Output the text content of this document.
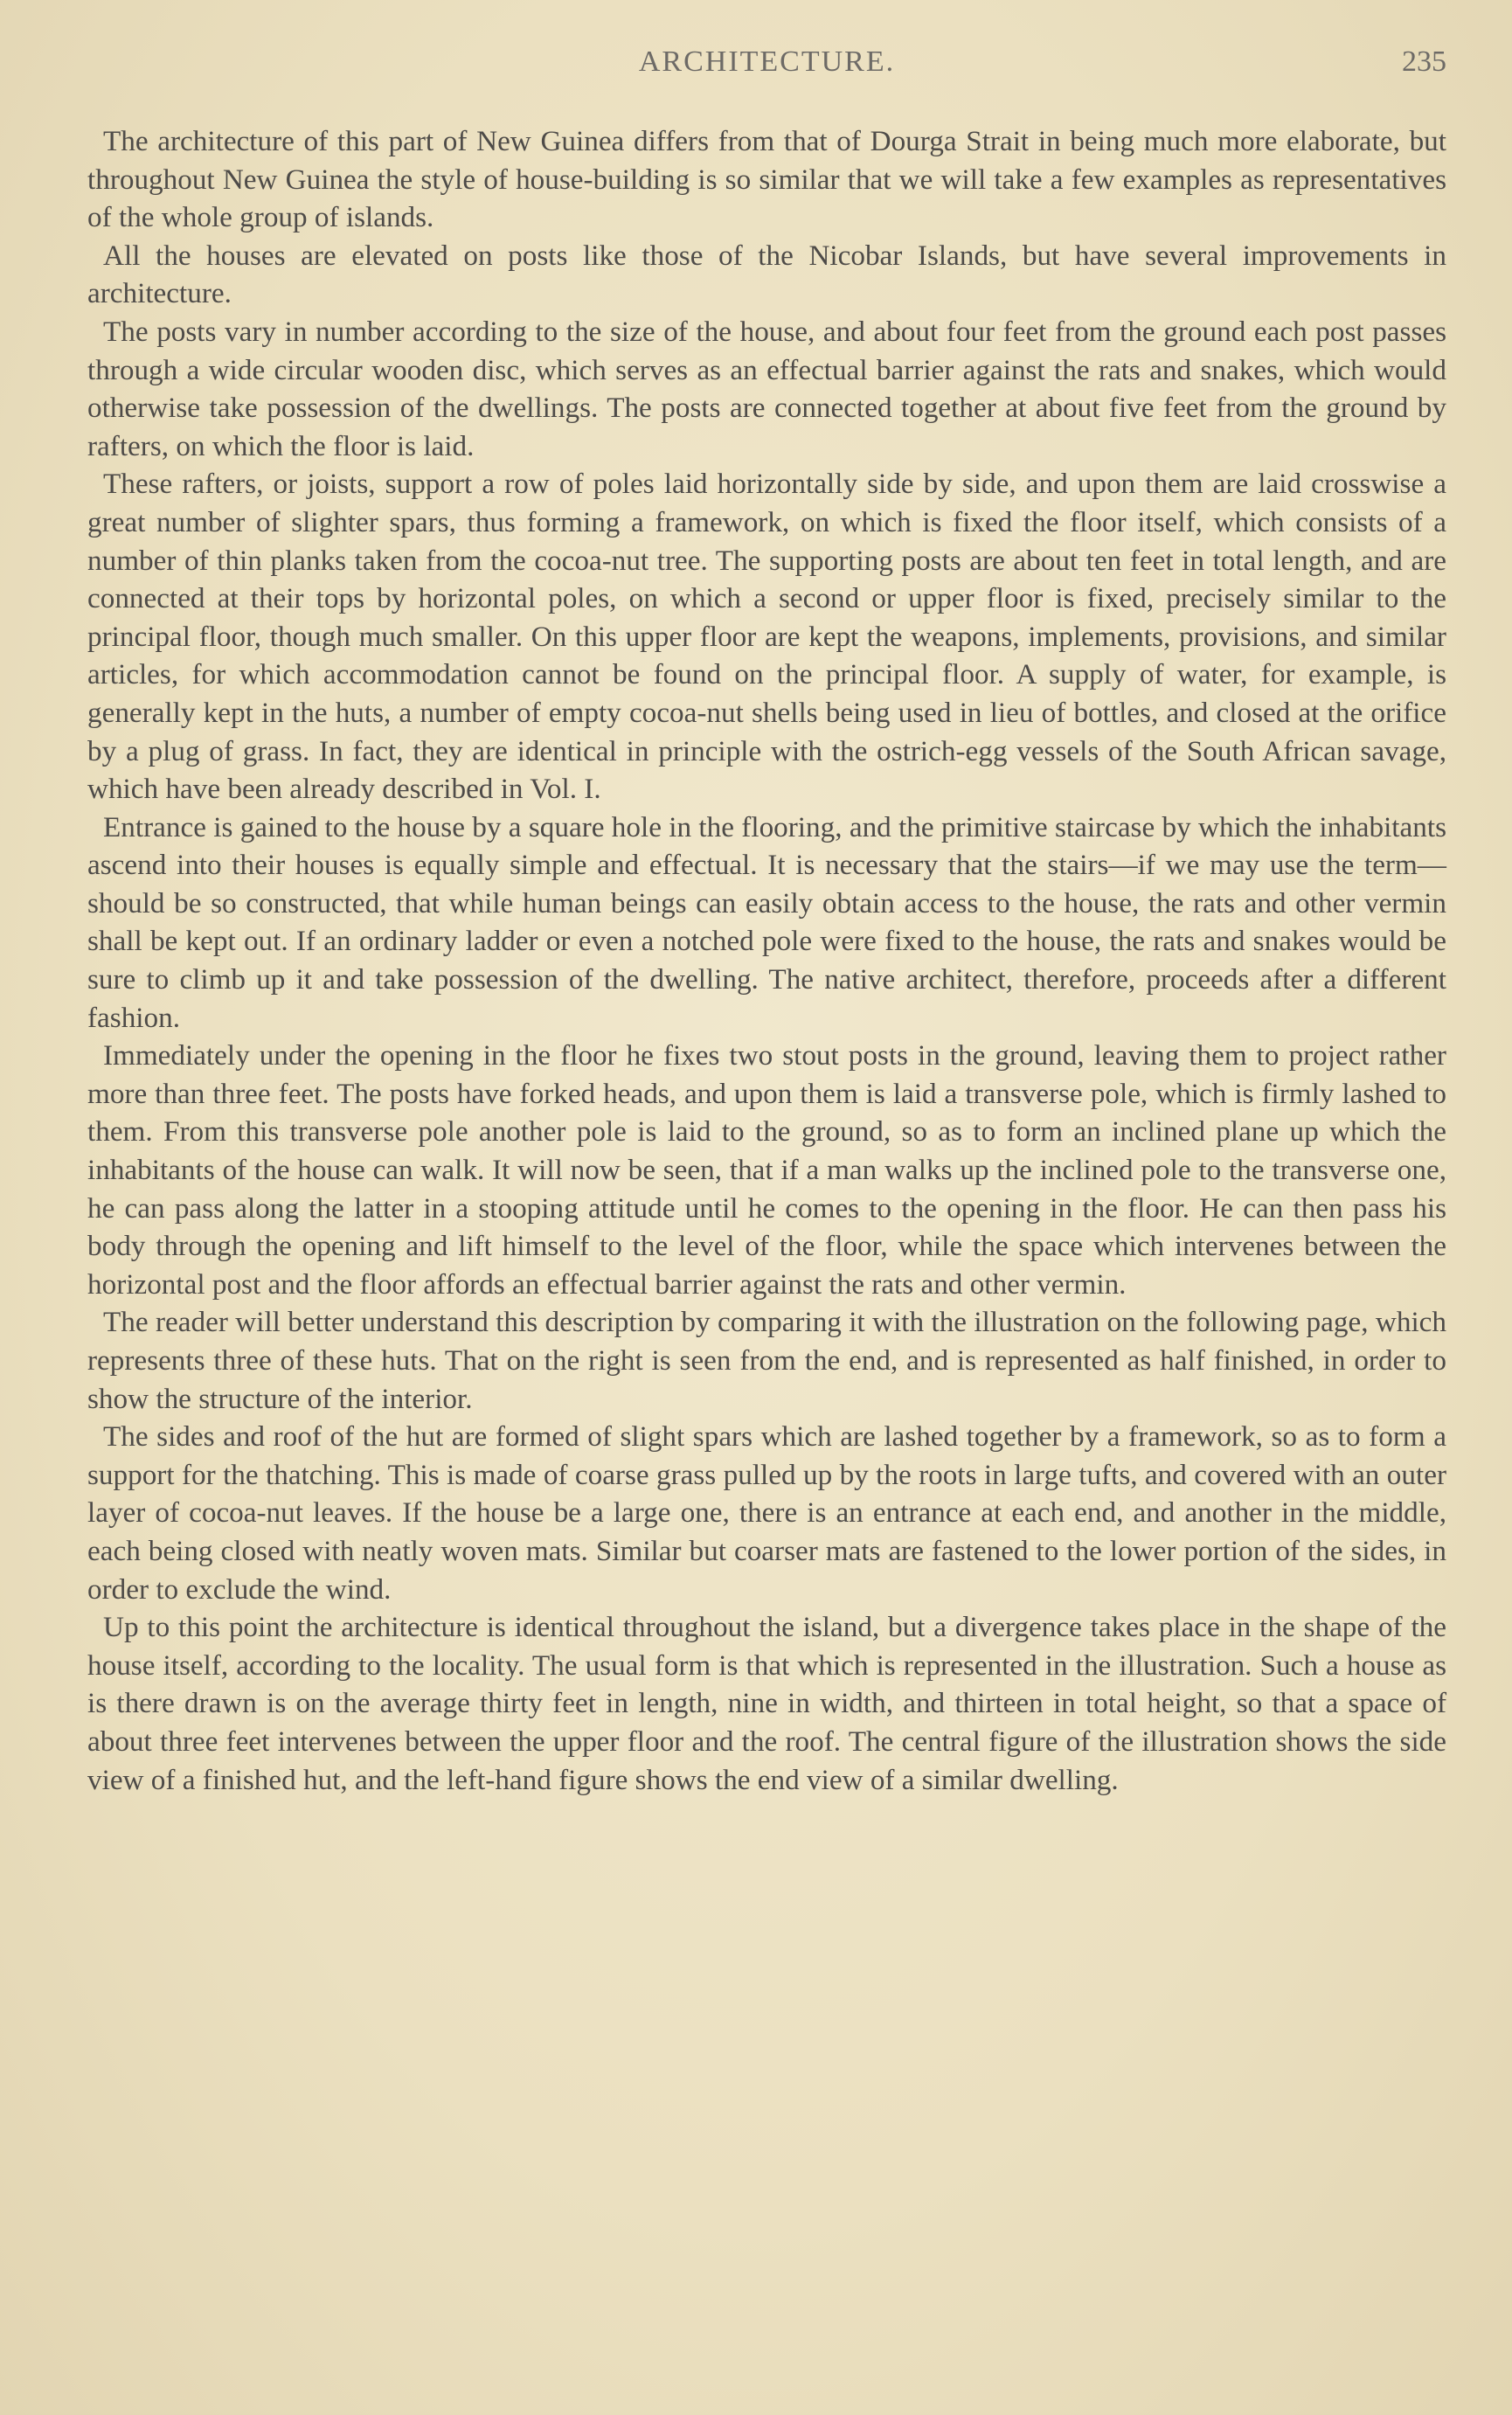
ARCHITECTURE.	235

The architecture of this part of New Guinea differs from that of Dourga Strait in being much more elaborate, but throughout New Guinea the style of house-building is so similar that we will take a few examples as representatives of the whole group of islands.

All the houses are elevated on posts like those of the Nicobar Islands, but have several improvements in architecture.

The posts vary in number according to the size of the house, and about four feet from the ground each post passes through a wide circular wooden disc, which serves as an effectual barrier against the rats and snakes, which would otherwise take possession of the dwellings. The posts are connected together at about five feet from the ground by rafters, on which the floor is laid.

These rafters, or joists, support a row of poles laid horizontally side by side, and upon them are laid crosswise a great number of slighter spars, thus forming a framework, on which is fixed the floor itself, which consists of a number of thin planks taken from the cocoa-nut tree. The supporting posts are about ten feet in total length, and are connected at their tops by horizontal poles, on which a second or upper floor is fixed, precisely similar to the principal floor, though much smaller. On this upper floor are kept the weapons, implements, provisions, and similar articles, for which accommodation cannot be found on the principal floor. A supply of water, for example, is generally kept in the huts, a number of empty cocoa-nut shells being used in lieu of bottles, and closed at the orifice by a plug of grass. In fact, they are identical in principle with the ostrich-egg vessels of the South African savage, which have been already described in Vol. I.

Entrance is gained to the house by a square hole in the flooring, and the primitive staircase by which the inhabitants ascend into their houses is equally simple and effectual. It is necessary that the stairs—if we may use the term—should be so constructed, that while human beings can easily obtain access to the house, the rats and other vermin shall be kept out. If an ordinary ladder or even a notched pole were fixed to the house, the rats and snakes would be sure to climb up it and take possession of the dwelling. The native architect, therefore, proceeds after a different fashion.

Immediately under the opening in the floor he fixes two stout posts in the ground, leaving them to project rather more than three feet. The posts have forked heads, and upon them is laid a transverse pole, which is firmly lashed to them. From this transverse pole another pole is laid to the ground, so as to form an inclined plane up which the inhabitants of the house can walk. It will now be seen, that if a man walks up the inclined pole to the transverse one, he can pass along the latter in a stooping attitude until he comes to the opening in the floor. He can then pass his body through the opening and lift himself to the level of the floor, while the space which intervenes between the horizontal post and the floor affords an effectual barrier against the rats and other vermin.

The reader will better understand this description by comparing it with the illustration on the following page, which represents three of these huts. That on the right is seen from the end, and is represented as half finished, in order to show the structure of the interior.

The sides and roof of the hut are formed of slight spars which are lashed together by a framework, so as to form a support for the thatching. This is made of coarse grass pulled up by the roots in large tufts, and covered with an outer layer of cocoa-nut leaves. If the house be a large one, there is an entrance at each end, and another in the middle, each being closed with neatly woven mats. Similar but coarser mats are fastened to the lower portion of the sides, in order to exclude the wind.

Up to this point the architecture is identical throughout the island, but a divergence takes place in the shape of the house itself, according to the locality. The usual form is that which is represented in the illustration. Such a house as is there drawn is on the average thirty feet in length, nine in width, and thirteen in total height, so that a space of about three feet intervenes between the upper floor and the roof. The central figure of the illustration shows the side view of a finished hut, and the left-hand figure shows the end view of a similar dwelling.
